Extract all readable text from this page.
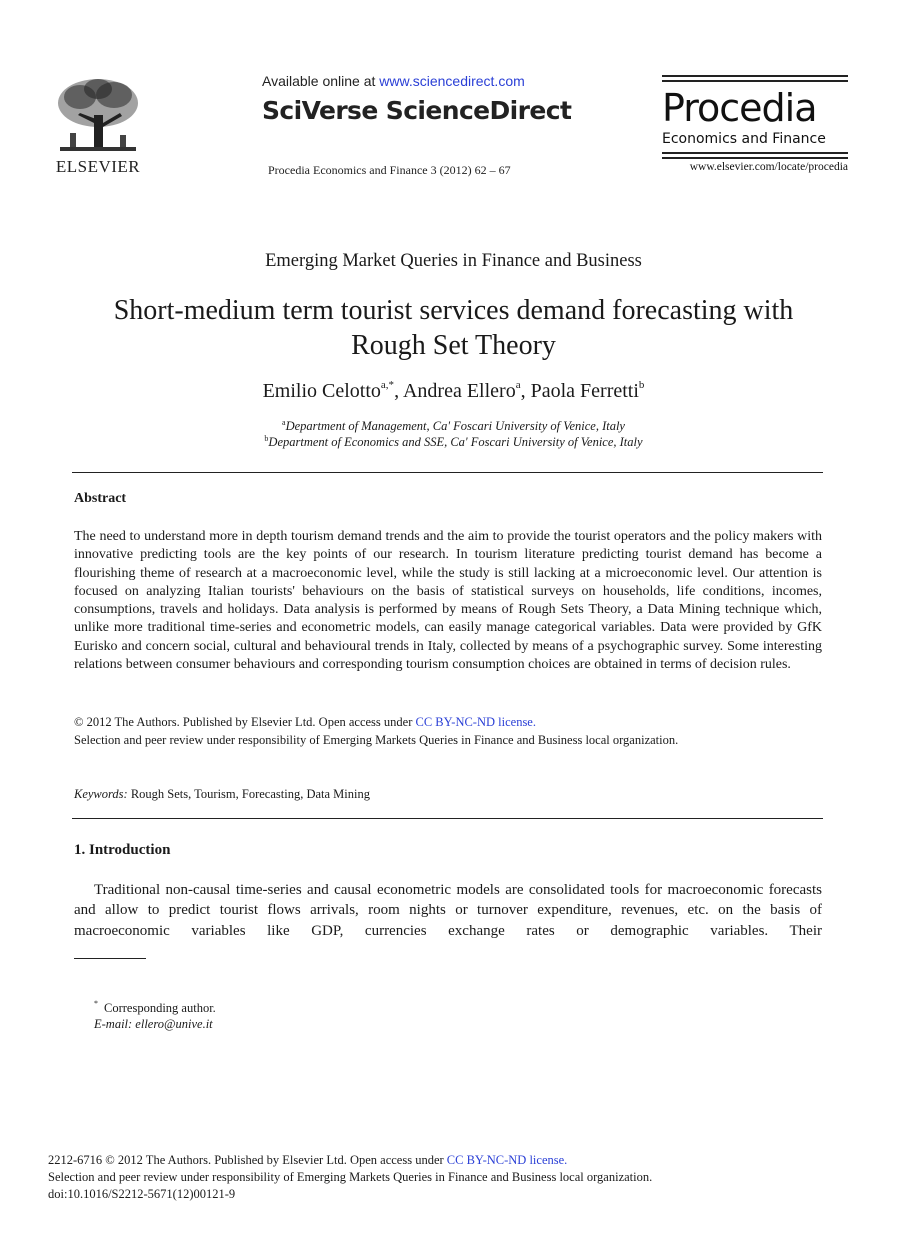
ELSEVIER
Available online at www.sciencedirect.com
SciVerse ScienceDirect
Procedia Economics and Finance 3 (2012) 62 – 67
Procedia
Economics and Finance
www.elsevier.com/locate/procedia
Emerging Market Queries in Finance and Business
Short-medium term tourist services demand forecasting with
Rough Set Theory
Emilio Celotto$^{a,*}$, Andrea Ellero$^a$, Paola Ferretti$^b$
$^a$Department of Management, Ca' Foscari University of Venice, Italy
$^b$Department of Economics and SSE, Ca' Foscari University of Venice, Italy
Abstract
The need to understand more in depth tourism demand trends and the aim to provide the tourist operators and the policy makers with innovative predicting tools are the key points of our research. In tourism literature predicting tourist demand has become a flourishing theme of research at a macroeconomic level, while the study is still lacking at a microeconomic level. Our attention is focused on analyzing Italian tourists' behaviours on the basis of statistical surveys on households, life conditions, incomes, consumptions, travels and holidays. Data analysis is performed by means of Rough Sets Theory, a Data Mining technique which, unlike more traditional time-series and econometric models, can easily manage categorical variables. Data were provided by GfK Eurisko and concern social, cultural and behavioural trends in Italy, collected by means of a psychographic survey. Some interesting relations between consumer behaviours and corresponding tourism consumption choices are obtained in terms of decision rules.
© 2012 The Authors. Published by Elsevier Ltd. Open access under CC BY-NC-ND license.
Selection and peer review under responsibility of Emerging Markets Queries in Finance and Business local organization.
Keywords: Rough Sets, Tourism, Forecasting, Data Mining
1. Introduction
Traditional non-causal time-series and causal econometric models are consolidated tools for macroeconomic forecasts and allow to predict tourist flows arrivals, room nights or turnover expenditure, revenues, etc. on the basis of macroeconomic variables like GDP, currencies exchange rates or demographic variables. Their
* Corresponding author.
E-mail: ellero@unive.it
2212-6716 © 2012 The Authors. Published by Elsevier Ltd. Open access under CC BY-NC-ND license.
Selection and peer review under responsibility of Emerging Markets Queries in Finance and Business local organization.
doi:10.1016/S2212-5671(12)00121-9
